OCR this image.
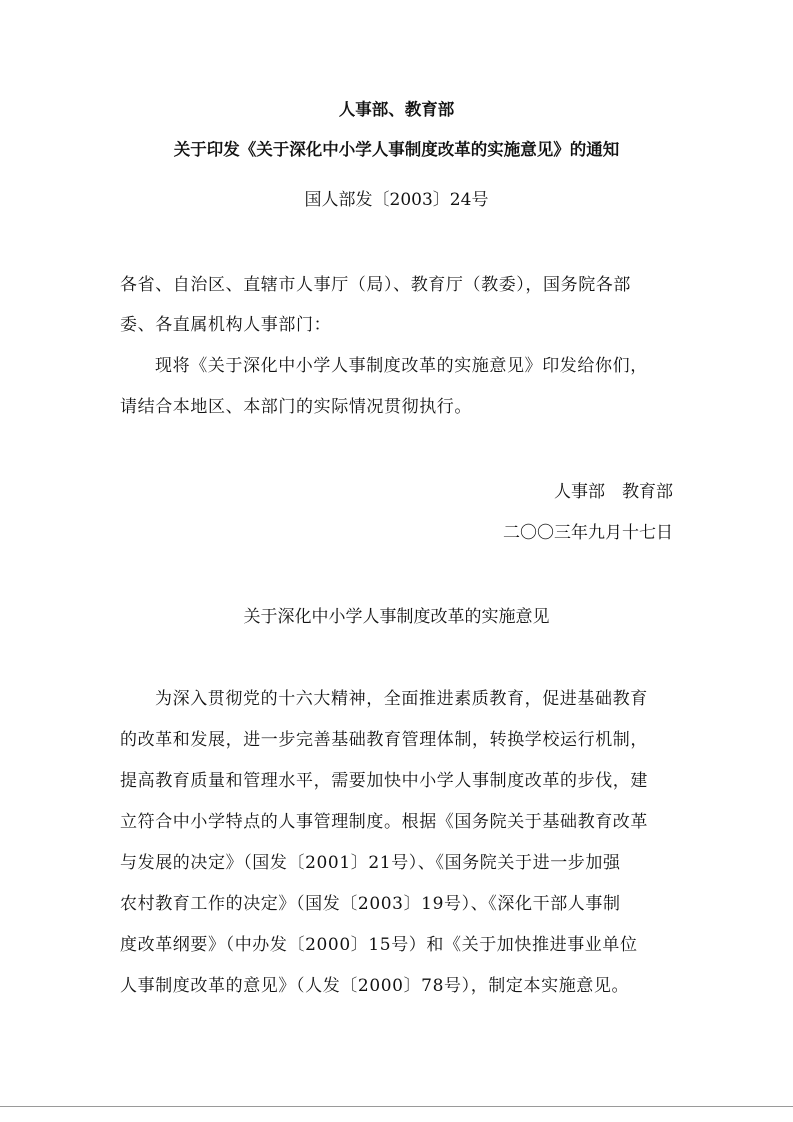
人事部、教育部
关于印发《关于深化中小学人事制度改革的实施意见》的通知
国人部发〔2003〕24号
各省、自治区、直辖市人事厅（局）、教育厅（教委），国务院各部
委、各直属机构人事部门：
现将《关于深化中小学人事制度改革的实施意见》印发给你们，
请结合本地区、本部门的实际情况贯彻执行。
人事部　教育部
二〇〇三年九月十七日
关于深化中小学人事制度改革的实施意见
为深入贯彻党的十六大精神，全面推进素质教育，促进基础教育
的改革和发展，进一步完善基础教育管理体制，转换学校运行机制，
提高教育质量和管理水平，需要加快中小学人事制度改革的步伐，建
立符合中小学特点的人事管理制度。根据《国务院关于基础教育改革
与发展的决定》（国发〔2001〕21号）、《国务院关于进一步加强
农村教育工作的决定》（国发〔2003〕19号）、《深化干部人事制
度改革纲要》（中办发〔2000〕15号）和《关于加快推进事业单位
人事制度改革的意见》（人发〔2000〕78号），制定本实施意见。
